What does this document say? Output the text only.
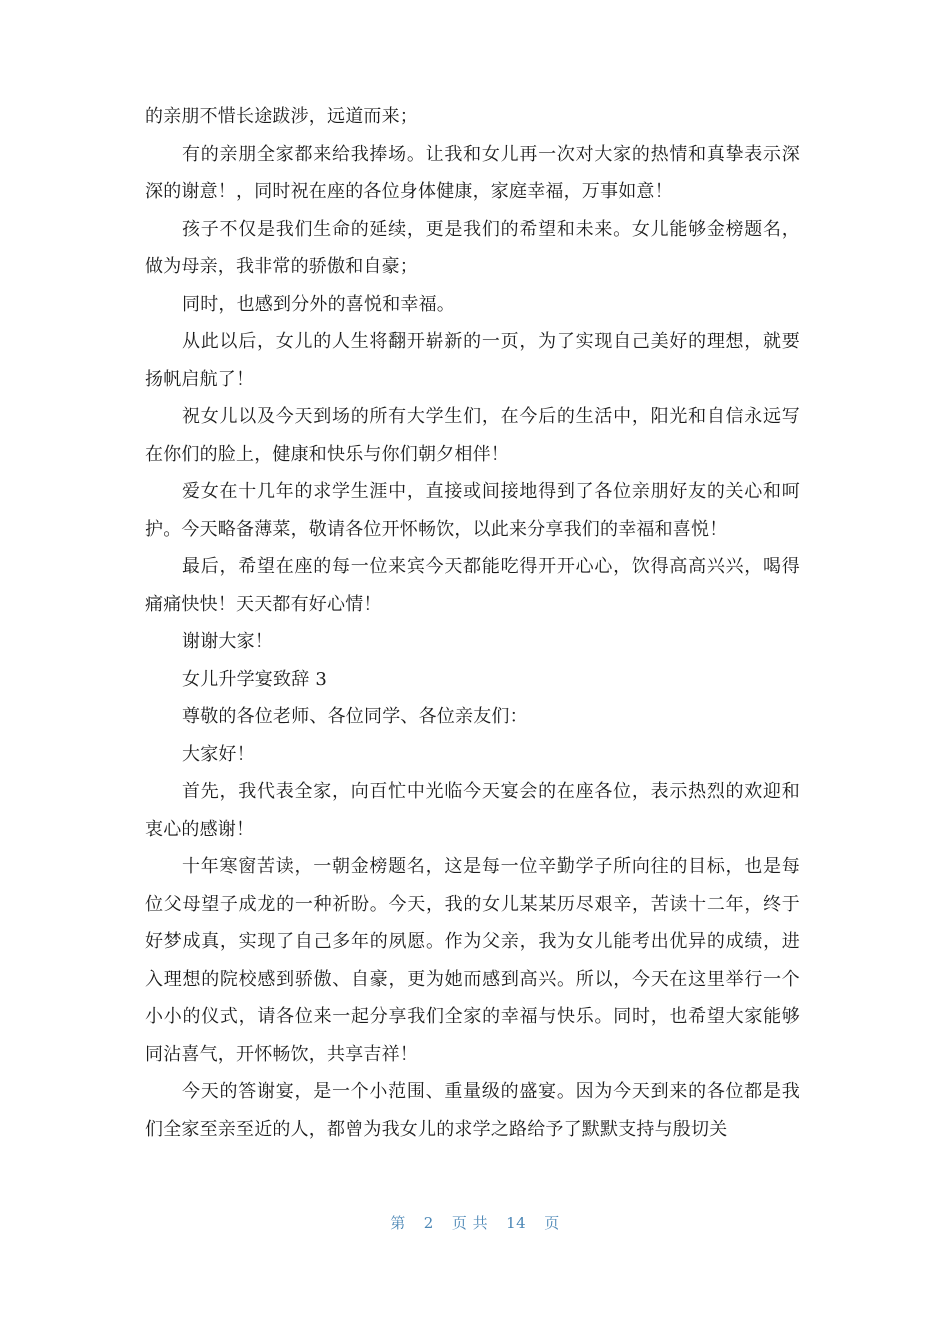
的亲朋不惜长途跋涉，远道而来；

有的亲朋全家都来给我捧场。让我和女儿再一次对大家的热情和真挚表示深深的谢意！，同时祝在座的各位身体健康，家庭幸福，万事如意！

孩子不仅是我们生命的延续，更是我们的希望和未来。女儿能够金榜题名，做为母亲，我非常的骄傲和自豪；

同时，也感到分外的喜悦和幸福。

从此以后，女儿的人生将翻开崭新的一页，为了实现自己美好的理想，就要扬帆启航了！

祝女儿以及今天到场的所有大学生们，在今后的生活中，阳光和自信永远写在你们的脸上，健康和快乐与你们朝夕相伴！

爱女在十几年的求学生涯中，直接或间接地得到了各位亲朋好友的关心和呵护。今天略备薄菜，敬请各位开怀畅饮，以此来分享我们的幸福和喜悦！

最后，希望在座的每一位来宾今天都能吃得开开心心，饮得高高兴兴，喝得痛痛快快！天天都有好心情！

谢谢大家！

女儿升学宴致辞 3

尊敬的各位老师、各位同学、各位亲友们：

大家好！

首先，我代表全家，向百忙中光临今天宴会的在座各位，表示热烈的欢迎和衷心的感谢！

十年寒窗苦读，一朝金榜题名，这是每一位辛勤学子所向往的目标，也是每位父母望子成龙的一种祈盼。今天，我的女儿某某历尽艰辛，苦读十二年，终于好梦成真，实现了自己多年的夙愿。作为父亲，我为女儿能考出优异的成绩，进入理想的院校感到骄傲、自豪，更为她而感到高兴。所以，今天在这里举行一个小小的仪式，请各位来一起分享我们全家的幸福与快乐。同时，也希望大家能够同沾喜气，开怀畅饮，共享吉祥！

今天的答谢宴，是一个小范围、重量级的盛宴。因为今天到来的各位都是我们全家至亲至近的人，都曾为我女儿的求学之路给予了默默支持与殷切关

第 2 页 共 14 页
